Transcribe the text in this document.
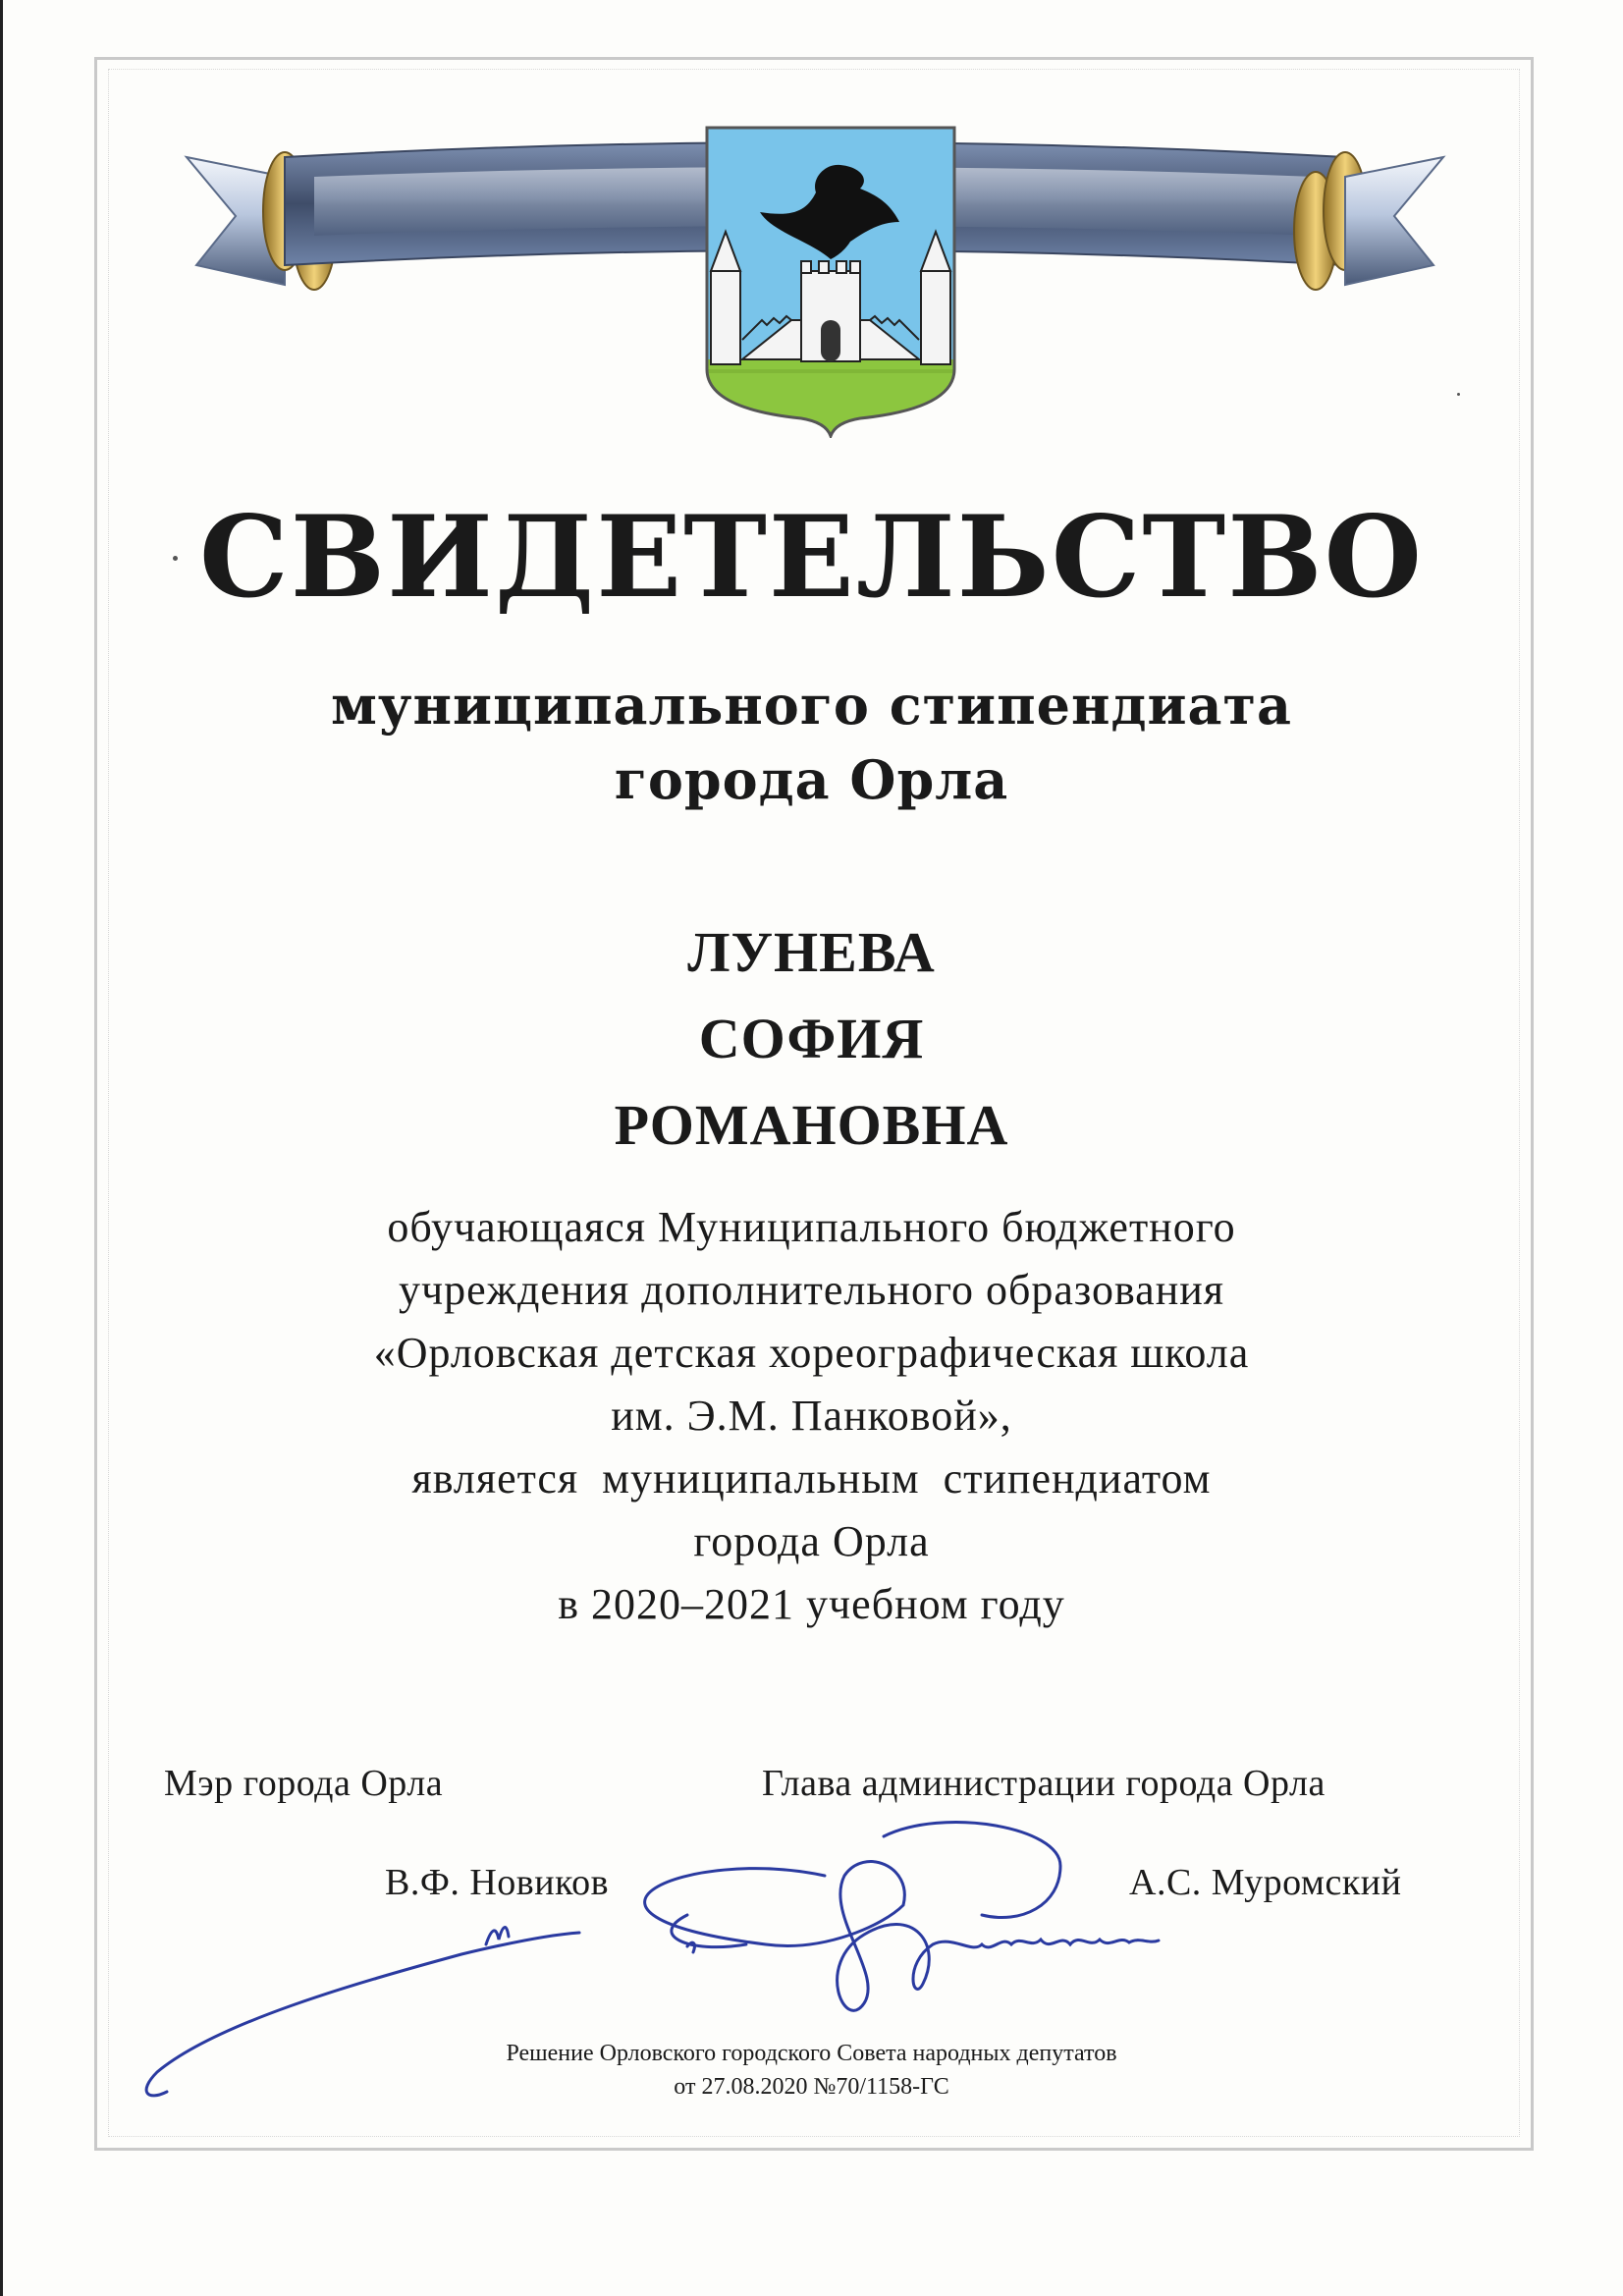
СВИДЕТЕЛЬСТВО
муниципального стипендиата
города Орла
ЛУНЕВА
СОФИЯ
РОМАНОВНА
обучающаяся Муниципального бюджетного
учреждения дополнительного образования
«Орловская детская хореографическая школа
им. Э.М. Панковой»,
является  муниципальным  стипендиатом
города Орла
в 2020–2021 учебном году
Мэр города Орла	Глава администрации города Орла
В.Ф. Новиков	А.С. Муромский
Решение Орловского городского Совета народных депутатов
от 27.08.2020 №70/1158-ГС
